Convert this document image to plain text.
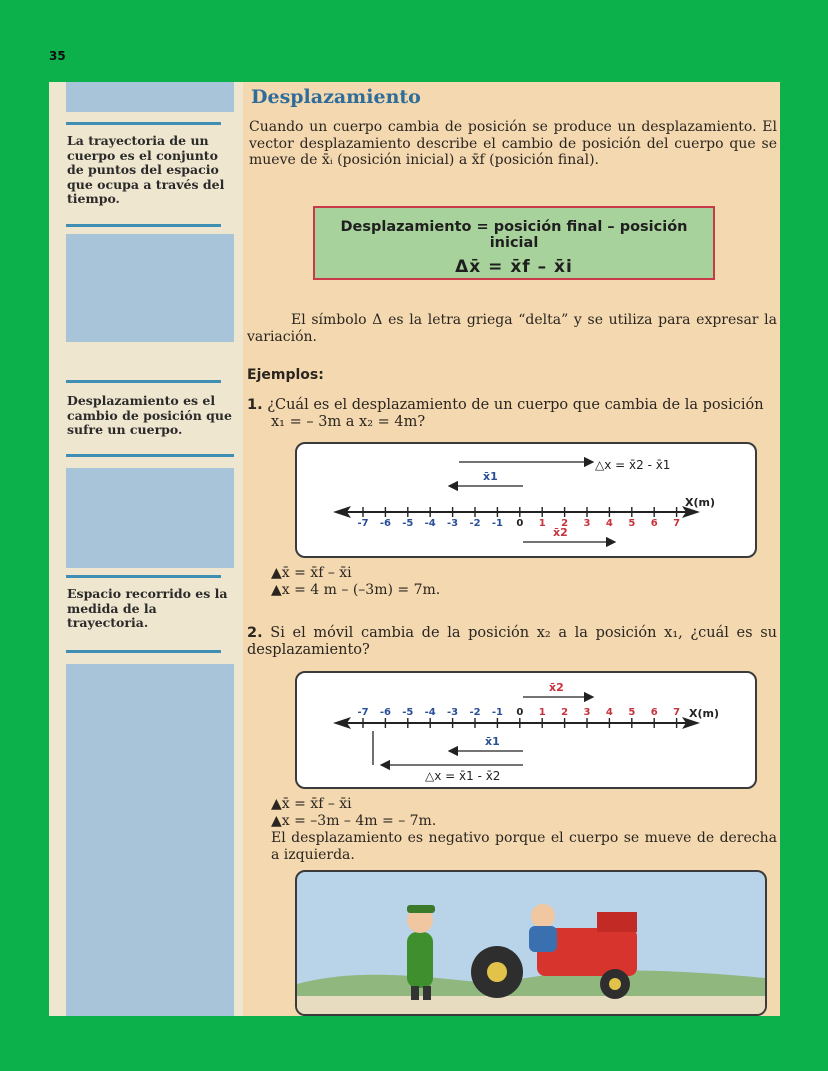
35
La trayectoria de un cuerpo es el conjunto de puntos del espacio que ocupa a través del tiempo.
Desplazamiento es el cambio de posición que sufre un cuerpo.
Espacio recorrido es la medida de la trayectoria.
Desplazamiento
Cuando un cuerpo cambia de posición se produce un desplazamiento. El vector desplazamiento describe el cambio de posición del cuerpo que se mueve de x̄ᵢ (posición inicial) a x̄f (posición final).
Desplazamiento = posición final – posición inicial
Δx̄ = x̄f – x̄i
El símbolo Δ es la letra griega “delta” y se utiliza para expresar la variación.
Ejemplos:
1. ¿Cuál es el desplazamiento de un cuerpo que cambia de la posición
x₁ = – 3m a x₂ = 4m?
△x = x̄2 - x̄1
x̄1
X(m)
-7 -6 -5 -4 -3 -2 -1 0 1 2 3 4 5 6 7
x̄2
▲x̄ = x̄f – x̄i
▲x = 4 m – (–3m) = 7m.
2. Si el móvil cambia de la posición x₂ a la posición x₁, ¿cuál es su desplazamiento?
x̄2
X(m)
-7 -6 -5 -4 -3 -2 -1 0 1 2 3 4 5 6 7
x̄1
△x = x̄1 - x̄2
▲x̄ = x̄f – x̄i
▲x = –3m – 4m = – 7m.
El desplazamiento es negativo porque el cuerpo se mueve de derecha a izquierda.
